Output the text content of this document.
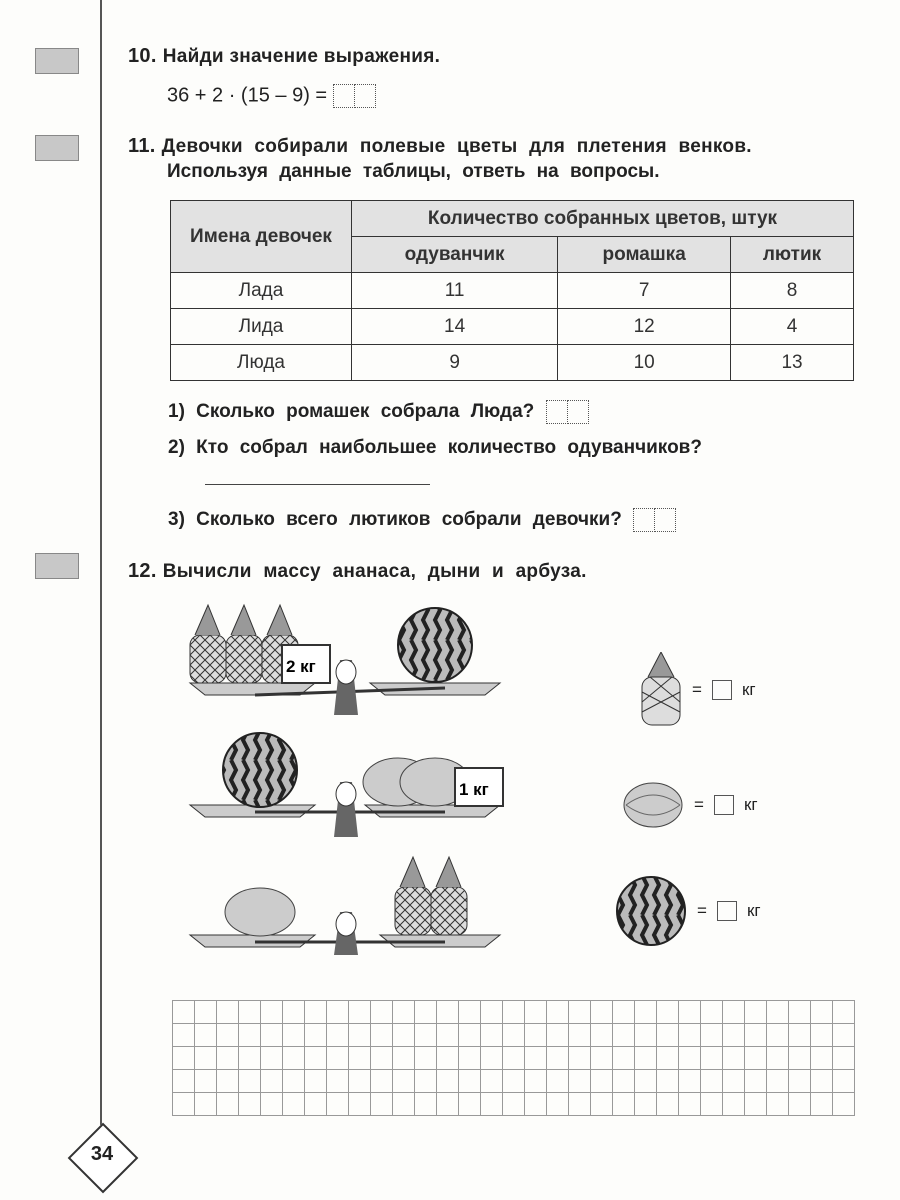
10. Найди значение выражения.
36 + 2 · (15 – 9) =
11. Девочки собирали полевые цветы для плетения венков.
Используя данные таблицы, ответь на вопросы.
Имена девочек	Количество собранных цветов, штук		
	одуванчик	ромашка	лютик
Лада	11	7	8
Лида	14	12	4
Люда	9	10	13
1) Сколько ромашек собрала Люда?
2) Кто собрал наибольшее количество одуванчиков?
3) Сколько всего лютиков собрали девочки?
12. Вычисли массу ананаса, дыни и арбуза.
2 кг
1 кг
= кг
= кг
= кг
34
